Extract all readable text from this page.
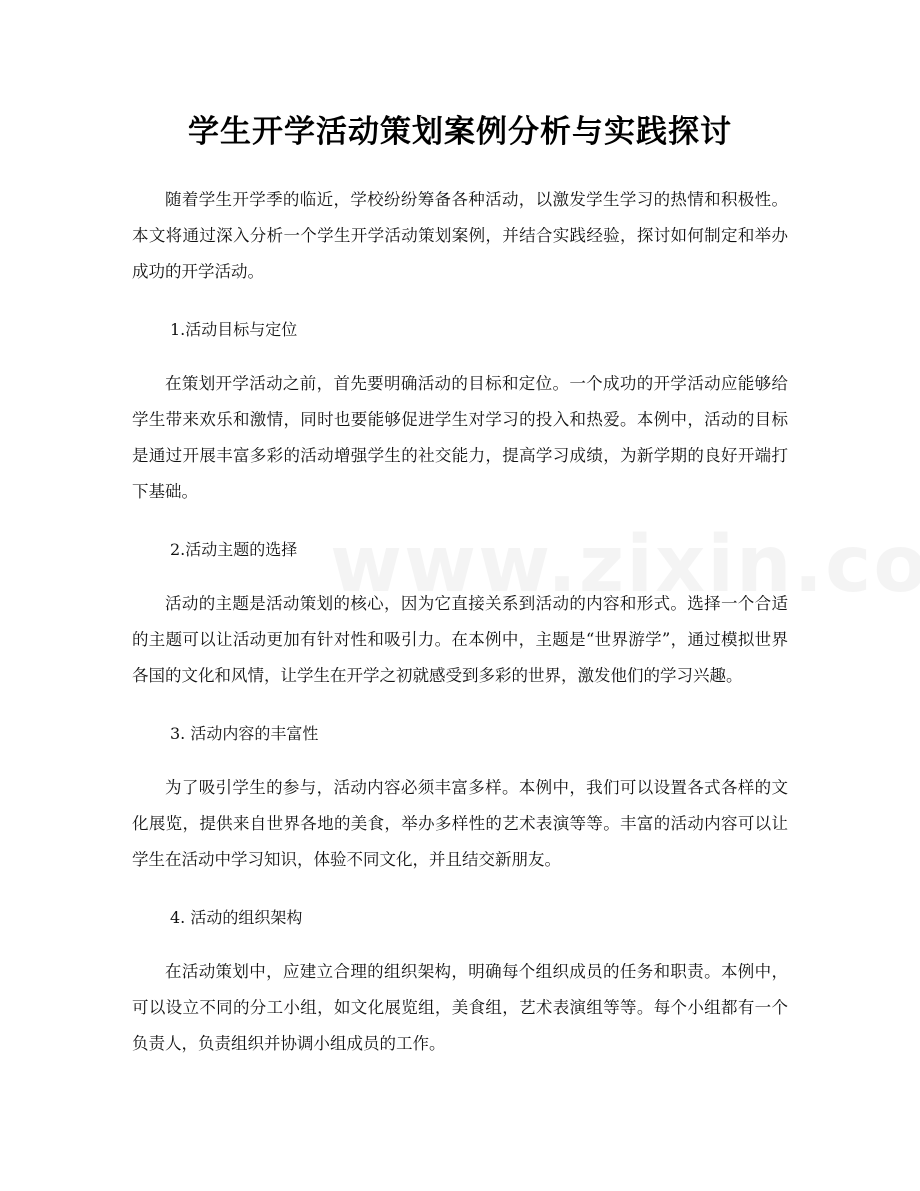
学生开学活动策划案例分析与实践探讨

随着学生开学季的临近，学校纷纷筹备各种活动，以激发学生学习的热情和积极性。本文将通过深入分析一个学生开学活动策划案例，并结合实践经验，探讨如何制定和举办成功的开学活动。

1.活动目标与定位

在策划开学活动之前，首先要明确活动的目标和定位。一个成功的开学活动应能够给学生带来欢乐和激情，同时也要能够促进学生对学习的投入和热爱。本例中，活动的目标是通过开展丰富多彩的活动增强学生的社交能力，提高学习成绩，为新学期的良好开端打下基础。

2.活动主题的选择

活动的主题是活动策划的核心，因为它直接关系到活动的内容和形式。选择一个合适的主题可以让活动更加有针对性和吸引力。在本例中，主题是“世界游学”，通过模拟世界各国的文化和风情，让学生在开学之初就感受到多彩的世界，激发他们的学习兴趣。

3. 活动内容的丰富性

为了吸引学生的参与，活动内容必须丰富多样。本例中，我们可以设置各式各样的文化展览，提供来自世界各地的美食，举办多样性的艺术表演等等。丰富的活动内容可以让学生在活动中学习知识，体验不同文化，并且结交新朋友。

4. 活动的组织架构

在活动策划中，应建立合理的组织架构，明确每个组织成员的任务和职责。本例中，可以设立不同的分工小组，如文化展览组，美食组，艺术表演组等等。每个小组都有一个负责人，负责组织并协调小组成员的工作。
